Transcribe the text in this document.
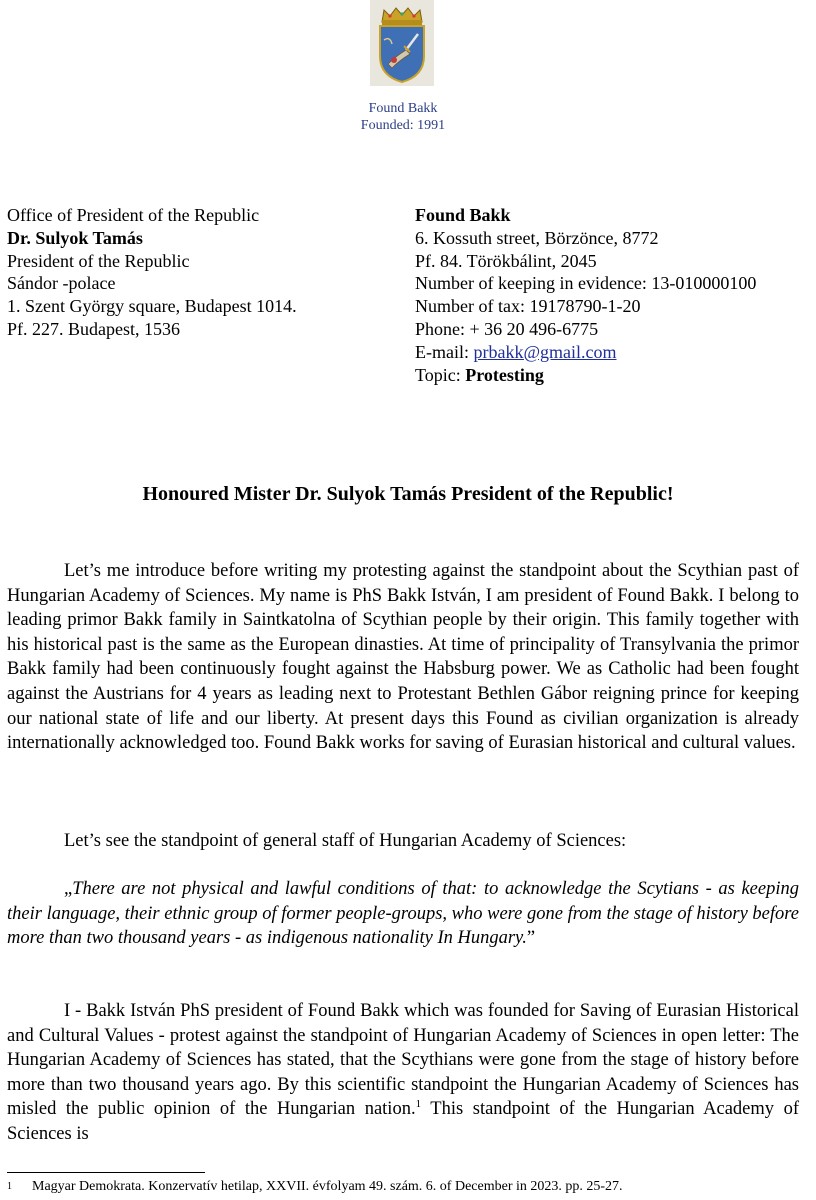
Found Bakk
Founded: 1991
Office of President of the Republic
Dr. Sulyok Tamás
President of the Republic
Sándor -polace
1. Szent György square, Budapest 1014.
Pf. 227. Budapest, 1536
Found Bakk
6. Kossuth street, Börzönce, 8772
Pf. 84. Törökbálint, 2045
Number of keeping in evidence: 13-010000100
Number of tax: 19178790-1-20
Phone: + 36 20 496-6775
E-mail: prbakk@gmail.com
Topic: Protesting
Honoured Mister Dr. Sulyok Tamás President of the Republic!

Let’s me introduce before writing my protesting against the standpoint about the Scythian past of Hungarian Academy of Sciences. My name is PhS Bakk István, I am president of Found Bakk. I belong to leading primor Bakk family in Saintkatolna of Scythian people by their origin. This family together with his historical past is the same as the European dinasties. At time of principality of Transylvania the primor Bakk family had been continuously fought against the Habsburg power. We as Catholic had been fought against the Austrians for 4 years as leading next to Protestant Bethlen Gábor reigning prince for keeping our national state of life and our liberty. At present days this Found as civilian organization is already internationally acknowledged too. Found Bakk works for saving of Eurasian historical and cultural values.

Let’s see the standpoint of general staff of Hungarian Academy of Sciences:

„There are not physical and lawful conditions of that: to acknowledge the Scytians - as keeping their language, their ethnic group of former people-groups, who were gone from the stage of history before more than two thousand years - as indigenous nationality In Hungary.”

I - Bakk István PhS president of Found Bakk which was founded for Saving of Eurasian Historical and Cultural Values - protest against the standpoint of Hungarian Academy of Sciences in open letter: The Hungarian Academy of Sciences has stated, that the Scythians were gone from the stage of history before more than two thousand years ago. By this scientific standpoint the Hungarian Academy of Sciences has misled the public opinion of the Hungarian nation.$^1$ This standpoint of the Hungarian Academy of Sciences is

$^1$ Magyar Demokrata. Konzervatív hetilap, XXVII. évfolyam 49. szám. 6. of December in 2023. pp. 25-27.
